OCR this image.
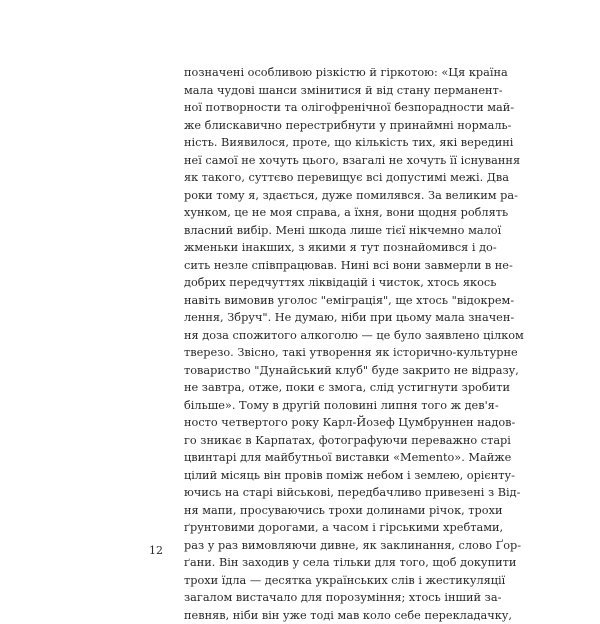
позначені особливою різкістю й гіркотою: «Ця країна
мала чудові шанси змінитися й від стану перманент-
ної потворности та олігофренічної безпорадности май-
же блискавично перестрибнути у принаймні нормаль-
ність. Виявилося, проте, що кількість тих, які вередині
неї самої не хочуть цього, взагалі не хочуть її існування
як такого, суттєво перевищує всі допустимі межі. Два
роки тому я, здається, дуже помилявся. За великим ра-
хунком, це не моя справа, а їхня, вони щодня роблять
власний вибір. Мені шкода лише тієї нікчемно малої
жменьки інакших, з якими я тут познайомився і до-
сить незле співпрацював. Нині всі вони завмерли в не-
добрих передчуттях ліквідацій і чисток, хтось якось
навіть вимовив уголос "еміграція", ще хтось "відокрем-
лення, Збруч". Не думаю, ніби при цьому мала значен-
ня доза спожитого алкоголю — це було заявлено цілком
тверезо. Звісно, такі утворення як історично-культурне
товариство "Дунайський клуб" буде закрито не відразу,
не завтра, отже, поки є змога, слід устигнути зробити
більше». Тому в другій половині липня того ж дев'я-
ностo четвертого року Карл-Йозеф Цумбруннен надов-
го зникає в Карпатах, фотографуючи переважно старі
цвинтарі для майбутньої виставки «Memento». Майже
цілий місяць він провів поміж небом і землею, орієнту-
ючись на старі військові, передбачливо привезені з Від-
ня мапи, просуваючись трохи долинами річок, трохи
ґрунтовими дорогами, а часом і гірськими хребтами,
раз у раз вимовляючи дивне, як заклинання, слово Ґор-
ґани. Він заходив у села тільки для того, щоб докупити
трохи їдла — десятка українських слів і жестикуляції
загалом вистачало для порозуміння; хтось інший за-
певняв, ніби він уже тоді мав коло себе перекладачку,
12
